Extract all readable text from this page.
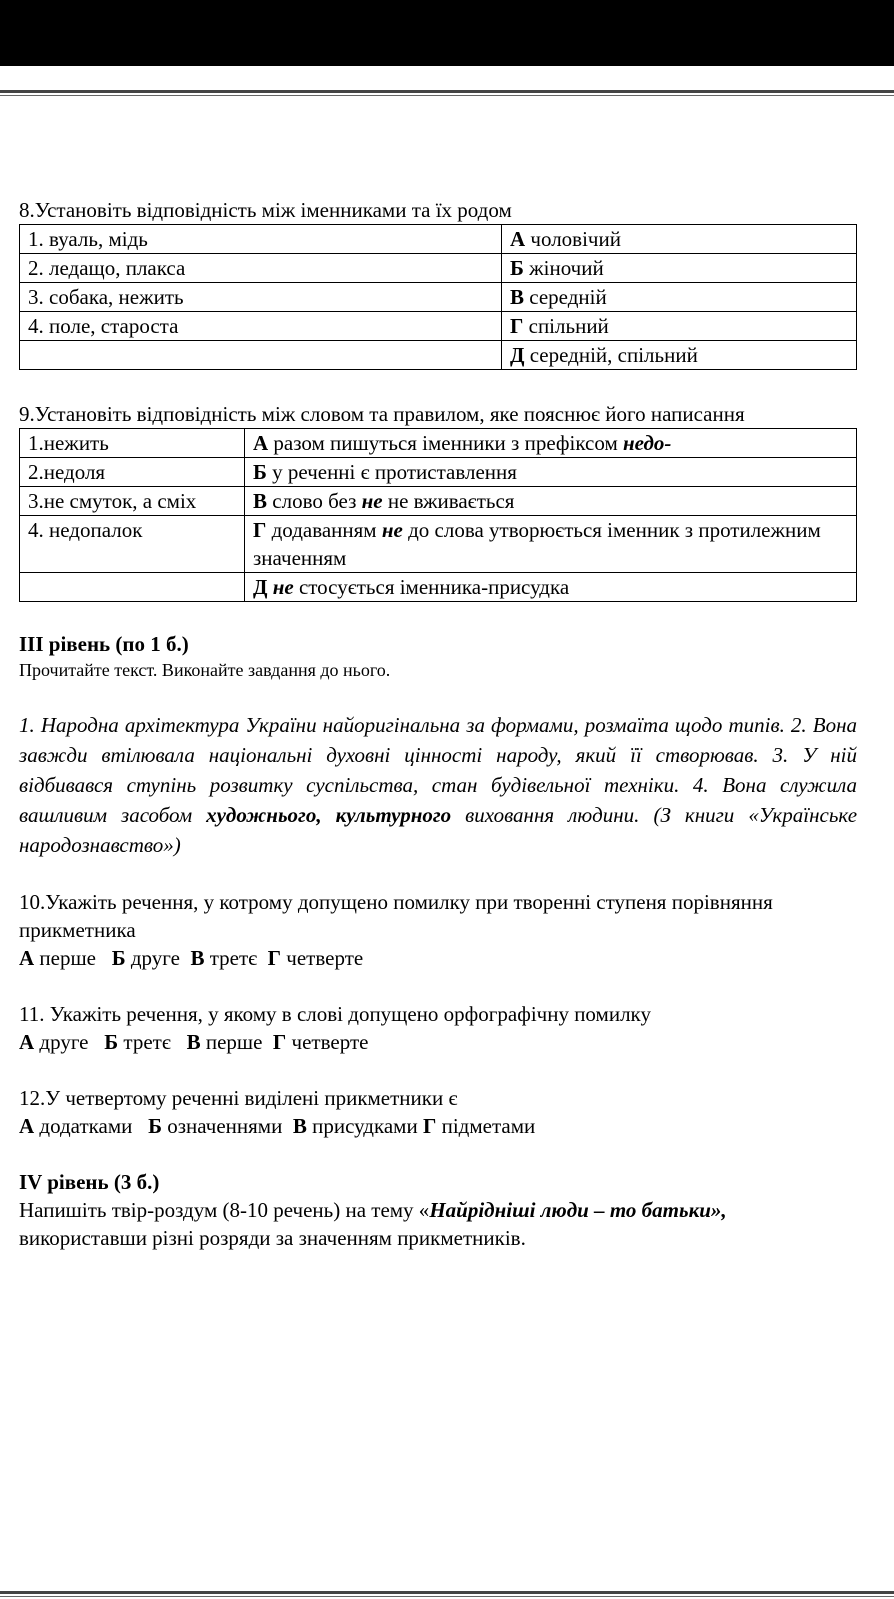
8.Установіть відповідність між іменниками та їх родом

1. вуаль, мідь	А чоловічий
2. ледащо, плакса	Б жіночий
3. собака, нежить	В середній
4. поле, староста	Г спільний
	Д середній, спільний

9.Установіть відповідність між словом та правилом, яке пояснює його написання

1.нежить	А разом пишуться іменники з префіксом недо-
2.недоля	Б у реченні є протиставлення
3.не смуток, а сміх	В слово без не не вживається
4. недопалок	Г додаванням не до слова утворюється іменник з протилежним значенням
	Д не стосується іменника-присудка

III рівень (по 1 б.)

Прочитайте текст. Виконайте завдання до нього.

1. Народна архітектура України найоригінальна за формами, розмаїта щодо типів. 2. Вона завжди втілювала національні духовні цінності народу, який її створював. 3. У ній відбивався ступінь розвитку суспільства, стан будівельної техніки. 4. Вона служила вашливим засобом художнього, культурного виховання людини. (З книги «Українське народознавство»)

10.Укажіть речення, у котрому допущено помилку при творенні ступеня порівняння прикметника

А перше Б друге В третє Г четверте

11. Укажіть речення, у якому в слові допущено орфографічну помилку

А друге Б третє В перше Г четверте

12.У четвертому реченні виділені прикметники є

А додатками Б означеннями В присудками Г підметами

IV рівень (3 б.)

Напишіть твір-роздум (8-10 речень) на тему «Найрідніші люди – то батьки», використавши різні розряди за значенням прикметників.
